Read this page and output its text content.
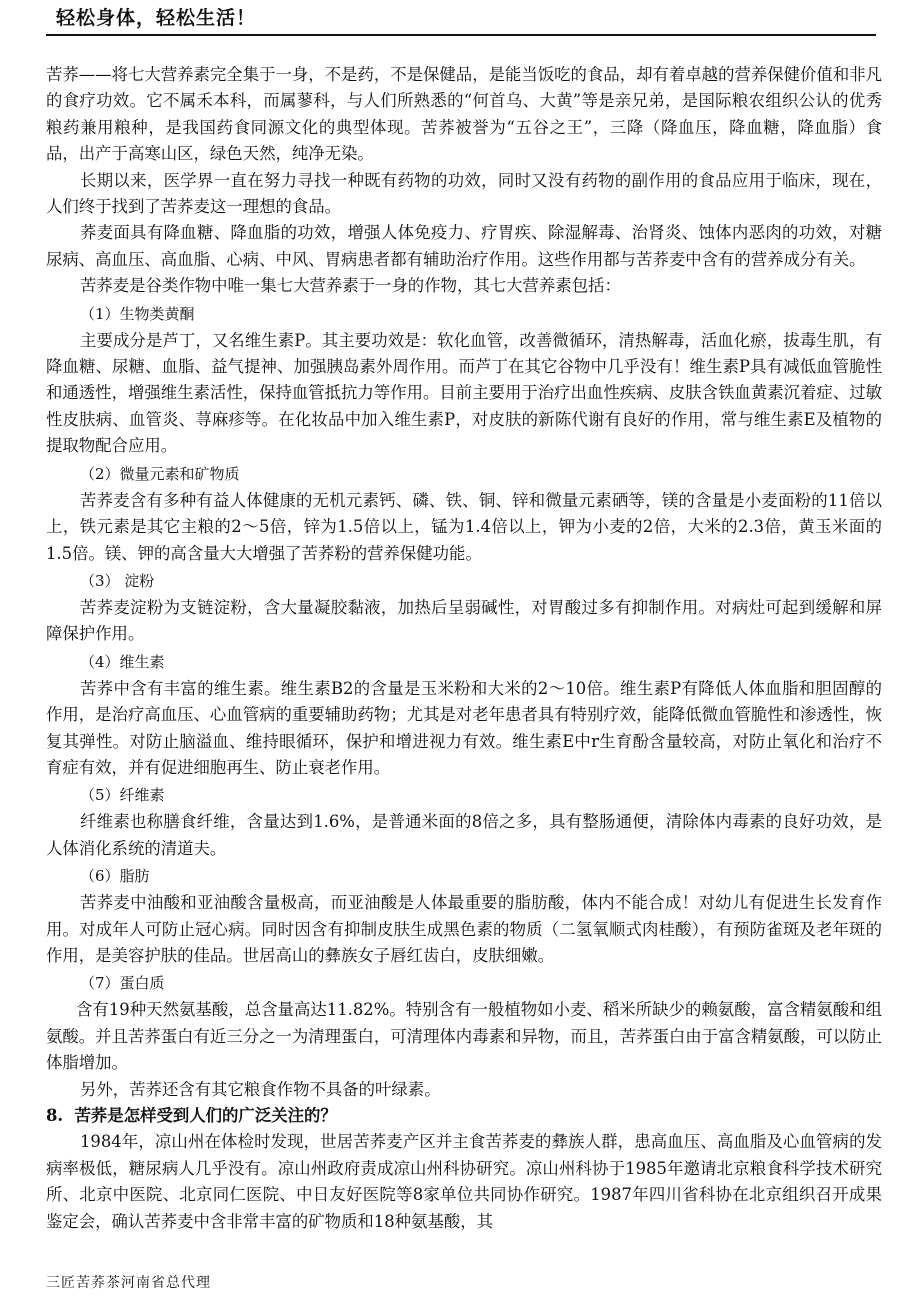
轻松身体，轻松生活！

苦荞——将七大营养素完全集于一身，不是药，不是保健品，是能当饭吃的食品，却有着卓越的营养保健价值和非凡的食疗功效。它不属禾本科，而属蓼科，与人们所熟悉的“何首乌、大黄”等是亲兄弟，是国际粮农组织公认的优秀粮药兼用粮种，是我国药食同源文化的典型体现。苦荞被誉为“五谷之王”，三降（降血压，降血糖，降血脂）食品，出产于高寒山区，绿色天然，纯净无染。

长期以来，医学界一直在努力寻找一种既有药物的功效，同时又没有药物的副作用的食品应用于临床，现在，人们终于找到了苦荞麦这一理想的食品。

荞麦面具有降血糖、降血脂的功效，增强人体免疫力、疗胃疾、除湿解毒、治肾炎、蚀体内恶肉的功效，对糖尿病、高血压、高血脂、心病、中风、胃病患者都有辅助治疗作用。这些作用都与苦荞麦中含有的营养成分有关。

苦荞麦是谷类作物中唯一集七大营养素于一身的作物，其七大营养素包括：

（1）生物类黄酮

主要成分是芦丁，又名维生素P。其主要功效是：软化血管，改善微循环，清热解毒，活血化瘀，拔毒生肌，有降血糖、尿糖、血脂、益气提神、加强胰岛素外周作用。而芦丁在其它谷物中几乎没有！维生素P具有减低血管脆性和通透性，增强维生素活性，保持血管抵抗力等作用。目前主要用于治疗出血性疾病、皮肤含铁血黄素沉着症、过敏性皮肤病、血管炎、荨麻疹等。在化妆品中加入维生素P，对皮肤的新陈代谢有良好的作用，常与维生素E及植物的提取物配合应用。

（2）微量元素和矿物质

苦荞麦含有多种有益人体健康的无机元素钙、磷、铁、铜、锌和微量元素硒等，镁的含量是小麦面粉的11倍以上，铁元素是其它主粮的2～5倍，锌为1.5倍以上，锰为1.4倍以上，钾为小麦的2倍，大米的2.3倍，黄玉米面的1.5倍。镁、钾的高含量大大增强了苦荞粉的营养保健功能。

（3） 淀粉

苦荞麦淀粉为支链淀粉，含大量凝胶黏液，加热后呈弱碱性，对胃酸过多有抑制作用。对病灶可起到缓解和屏障保护作用。

（4）维生素

苦荞中含有丰富的维生素。维生素B2的含量是玉米粉和大米的2～10倍。维生素P有降低人体血脂和胆固醇的作用，是治疗高血压、心血管病的重要辅助药物；尤其是对老年患者具有特别疗效，能降低微血管脆性和渗透性，恢复其弹性。对防止脑溢血、维持眼循环，保护和增进视力有效。维生素E中r生育酚含量较高，对防止氧化和治疗不育症有效，并有促进细胞再生、防止衰老作用。

（5）纤维素

纤维素也称膳食纤维，含量达到1.6%，是普通米面的8倍之多，具有整肠通便，清除体内毒素的良好功效，是人体消化系统的清道夫。

（6）脂肪

苦荞麦中油酸和亚油酸含量极高，而亚油酸是人体最重要的脂肪酸，体内不能合成！对幼儿有促进生长发育作用。对成年人可防止冠心病。同时因含有抑制皮肤生成黑色素的物质（二氢氧顺式肉桂酸），有预防雀斑及老年斑的作用，是美容护肤的佳品。世居高山的彝族女子唇红齿白，皮肤细嫩。

（7）蛋白质

含有19种天然氨基酸，总含量高达11.82%。特别含有一般植物如小麦、稻米所缺少的赖氨酸，富含精氨酸和组氨酸。并且苦荞蛋白有近三分之一为清理蛋白，可清理体内毒素和异物，而且，苦荞蛋白由于富含精氨酸，可以防止体脂增加。

另外，苦荞还含有其它粮食作物不具备的叶绿素。

8.  苦荞是怎样受到人们的广泛关注的？

1984年，凉山州在体检时发现，世居苦荞麦产区并主食苦荞麦的彝族人群，患高血压、高血脂及心血管病的发病率极低，糖尿病人几乎没有。凉山州政府责成凉山州科协研究。凉山州科协于1985年邀请北京粮食科学技术研究所、北京中医院、北京同仁医院、中日友好医院等8家单位共同协作研究。1987年四川省科协在北京组织召开成果鉴定会，确认苦荞麦中含非常丰富的矿物质和18种氨基酸，其

三匠苦荞茶河南省总代理
